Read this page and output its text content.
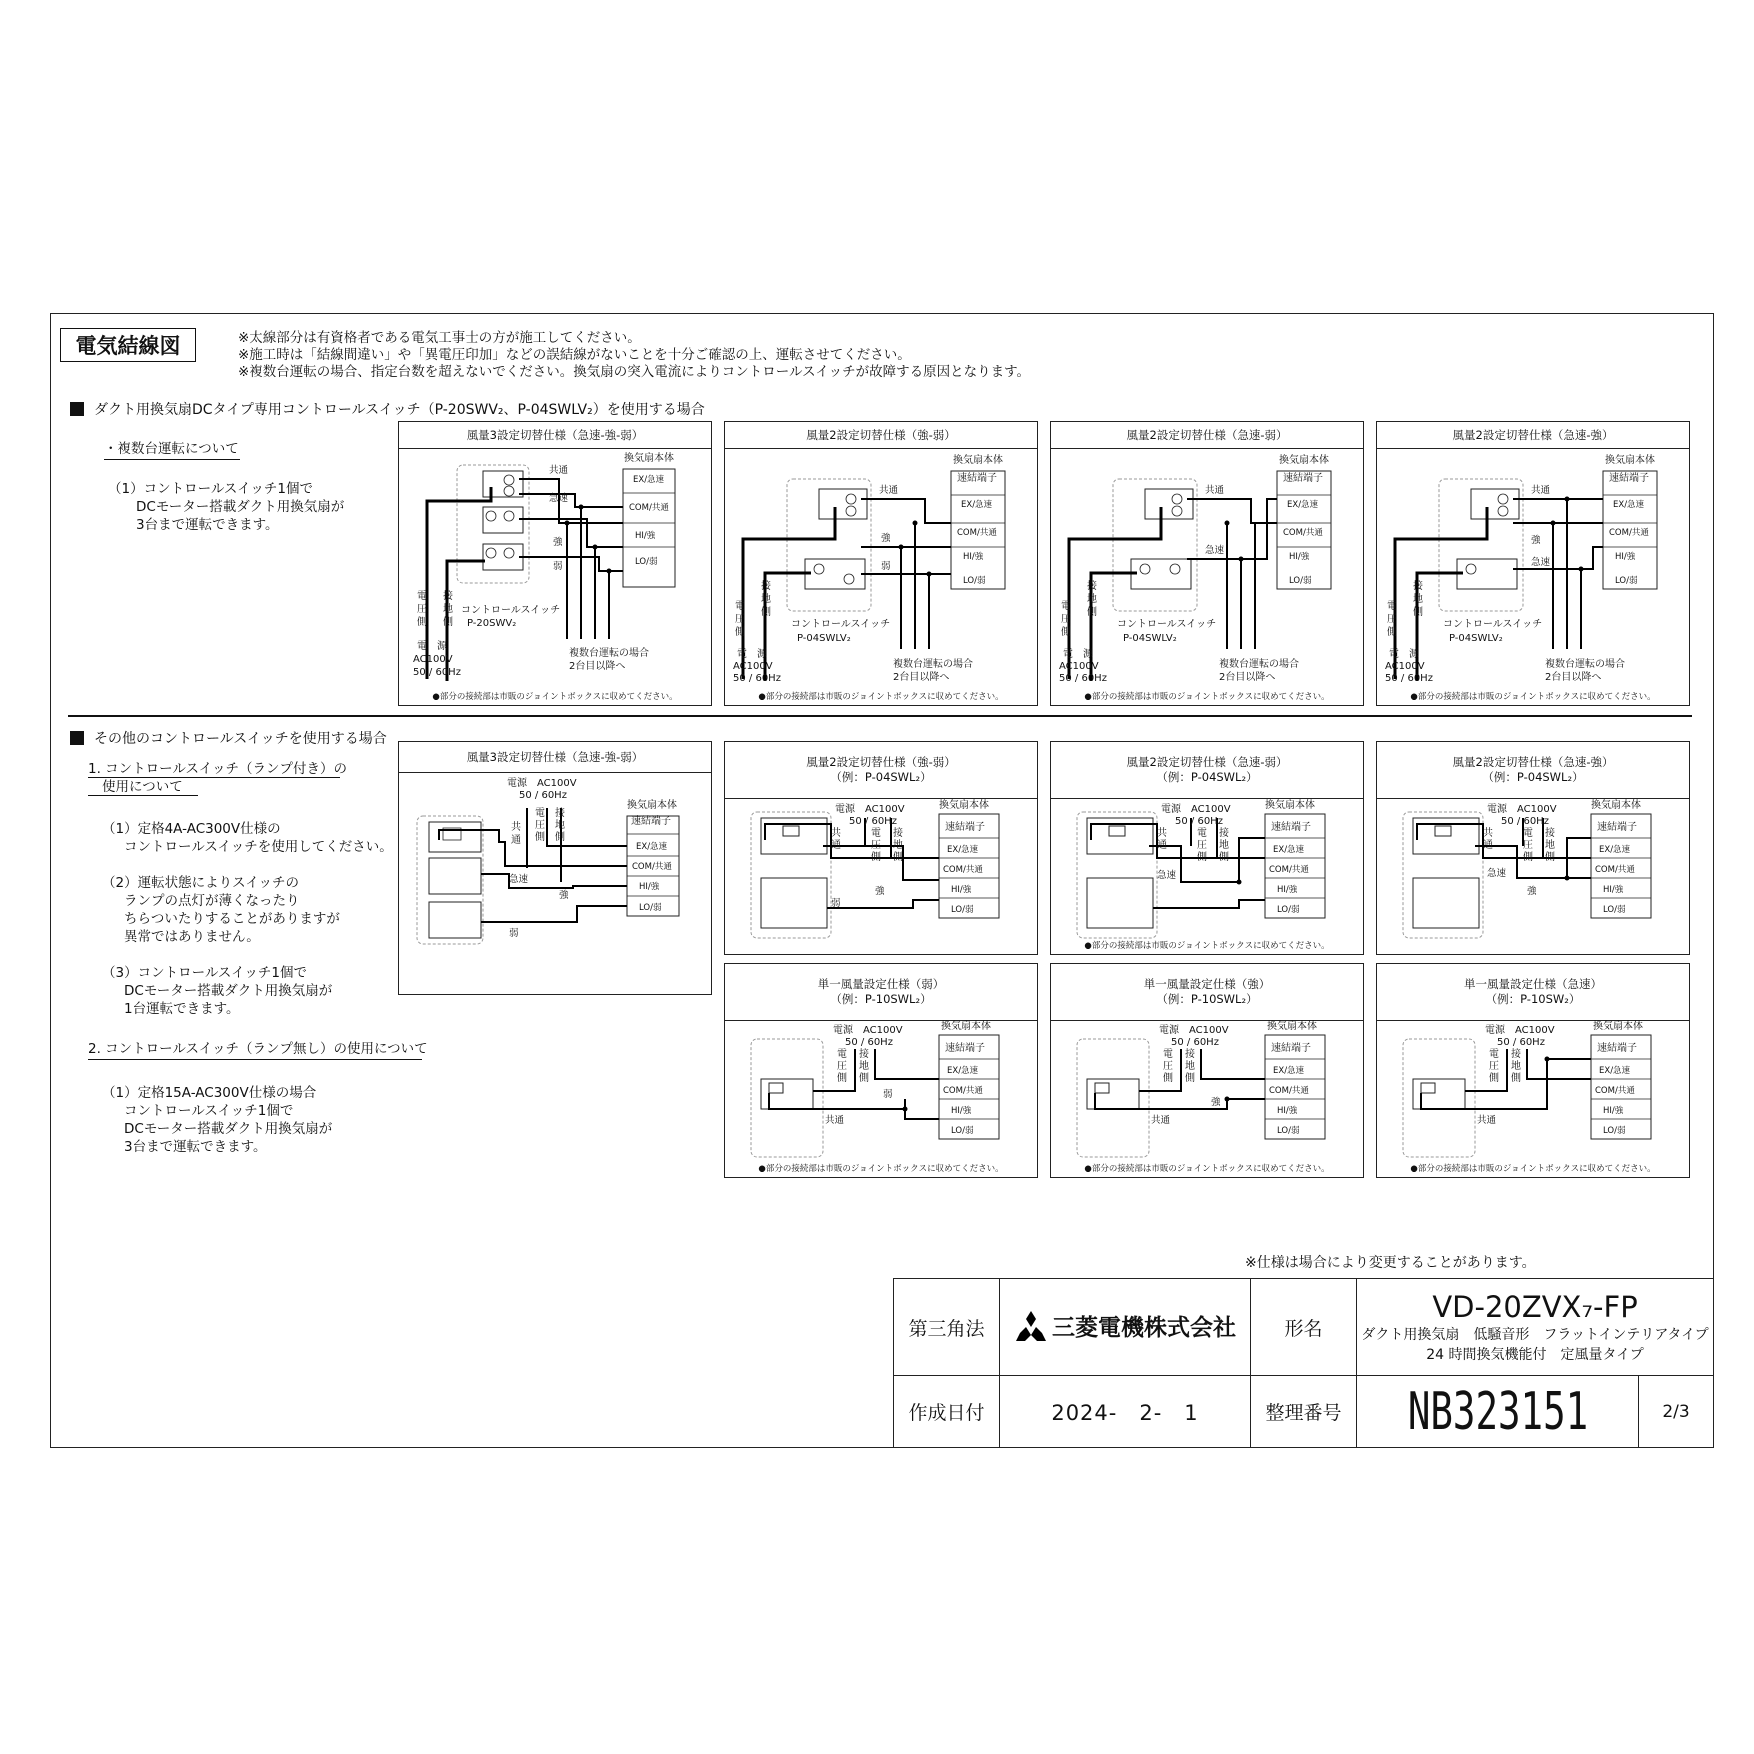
電気結線図	※太線部分は有資格者である電気工事士の方が施工してください。
※施工時は「結線間違い」や「異電圧印加」などの誤結線がないことを十分ご確認の上、運転させてください。
※複数台運転の場合、指定台数を超えないでください。換気扇の突入電流によりコントロールスイッチが故障する原因となります。
ダクト用換気扇DCタイプ専用コントロールスイッチ（P-20SWV₂、P-04SWLV₂）を使用する場合
・複数台運転について
（1）コントロールスイッチ1個で
DCモーター搭載ダクト用換気扇が
3台まで運転できます。
その他のコントロールスイッチを使用する場合
1. コントロールスイッチ（ランプ付き）の
使用について
（1）定格4A-AC300V仕様の
コントロールスイッチを使用してください。
（2）運転状態によりスイッチの
ランプの点灯が薄くなったり
ちらついたりすることがありますが
異常ではありません。
（3）コントロールスイッチ1個で
DCモーター搭載ダクト用換気扇が
1台運転できます。
2. コントロールスイッチ（ランプ無し）の使用について
（1）定格15A-AC300V仕様の場合
コントロールスイッチ1個で
DCモーター搭載ダクト用換気扇が
3台まで運転できます。
風量3設定切替仕様（急速-強-弱）
換気扇本体
EX/急速
COM/共通
HI/強
LO/弱
共通
急速
強
弱
電
圧
側
接
地
側
コントロールスイッチ
P-20SWV₂
電　源
AC100V
50 / 60Hz
複数台運転の場合
2台目以降へ
●部分の接続部は市販のジョイントボックスに収めてください。
風量2設定切替仕様（強-弱）
換気扇本体
速結端子
EX/急速
COM/共通
HI/強
LO/弱
共通
強
弱
電
圧
側
接
地
側
コントロールスイッチ
P-04SWLV₂
電　源
AC100V
50 / 60Hz
複数台運転の場合
2台目以降へ
●部分の接続部は市販のジョイントボックスに収めてください。
風量2設定切替仕様（急速-弱）
換気扇本体
速結端子
EX/急速
COM/共通
HI/強
LO/弱
共通
急速
電
圧
側
接
地
側
コントロールスイッチ
P-04SWLV₂
電　源
AC100V
50 / 60Hz
複数台運転の場合
2台目以降へ
●部分の接続部は市販のジョイントボックスに収めてください。
風量2設定切替仕様（急速-強）
換気扇本体
速結端子
EX/急速
COM/共通
HI/強
LO/弱
共通
強
急速
電
圧
側
接
地
側
コントロールスイッチ
P-04SWLV₂
電　源
AC100V
50 / 60Hz
複数台運転の場合
2台目以降へ
●部分の接続部は市販のジョイントボックスに収めてください。
風量3設定切替仕様（急速-強-弱）
電源　AC100V
50 / 60Hz
換気扇本体
速結端子
EX/急速
COM/共通
HI/強
LO/弱
共
通
電
圧
側
接
地
側
急速
強
弱
風量2設定切替仕様（強-弱）
（例：P-04SWL₂）
電源　AC100V
50 / 60Hz
換気扇本体
速結端子
EX/急速
COM/共通
HI/強
LO/弱
共
通
電
圧
側
接
地
側
強
弱
風量2設定切替仕様（急速-弱）
（例：P-04SWL₂）
電源　AC100V
50 / 60Hz
換気扇本体
速結端子
EX/急速
COM/共通
HI/強
LO/弱
共
通
電
圧
側
接
地
側
急速
●部分の接続部は市販のジョイントボックスに収めてください。
風量2設定切替仕様（急速-強）
（例：P-04SWL₂）
電源　AC100V
50 / 60Hz
換気扇本体
速結端子
EX/急速
COM/共通
HI/強
LO/弱
共
通
電
圧
側
接
地
側
急速
強
単一風量設定仕様（弱）
（例：P-10SWL₂）
電源　AC100V
50 / 60Hz
換気扇本体
速結端子
EX/急速
COM/共通
HI/強
LO/弱
電
圧
側
接
地
側
共通
弱
●部分の接続部は市販のジョイントボックスに収めてください。
単一風量設定仕様（強）
（例：P-10SWL₂）
電源　AC100V
50 / 60Hz
換気扇本体
速結端子
EX/急速
COM/共通
HI/強
LO/弱
電
圧
側
接
地
側
共通
強
●部分の接続部は市販のジョイントボックスに収めてください。
単一風量設定仕様（急速）
（例：P-10SW₂）
電源　AC100V
50 / 60Hz
換気扇本体
速結端子
EX/急速
COM/共通
HI/強
LO/弱
電
圧
側
接
地
側
共通
●部分の接続部は市販のジョイントボックスに収めてください。
※仕様は場合により変更することがあります。
第三角法	三菱電機株式会社	形名	VD-20ZVX₇-FP
ダクト用換気扇　低騒音形　フラットインテリアタイプ
24 時間換気機能付　定風量タイプ	

作成日付	2024-　2-　1	整理番号	NB323151	2/3
